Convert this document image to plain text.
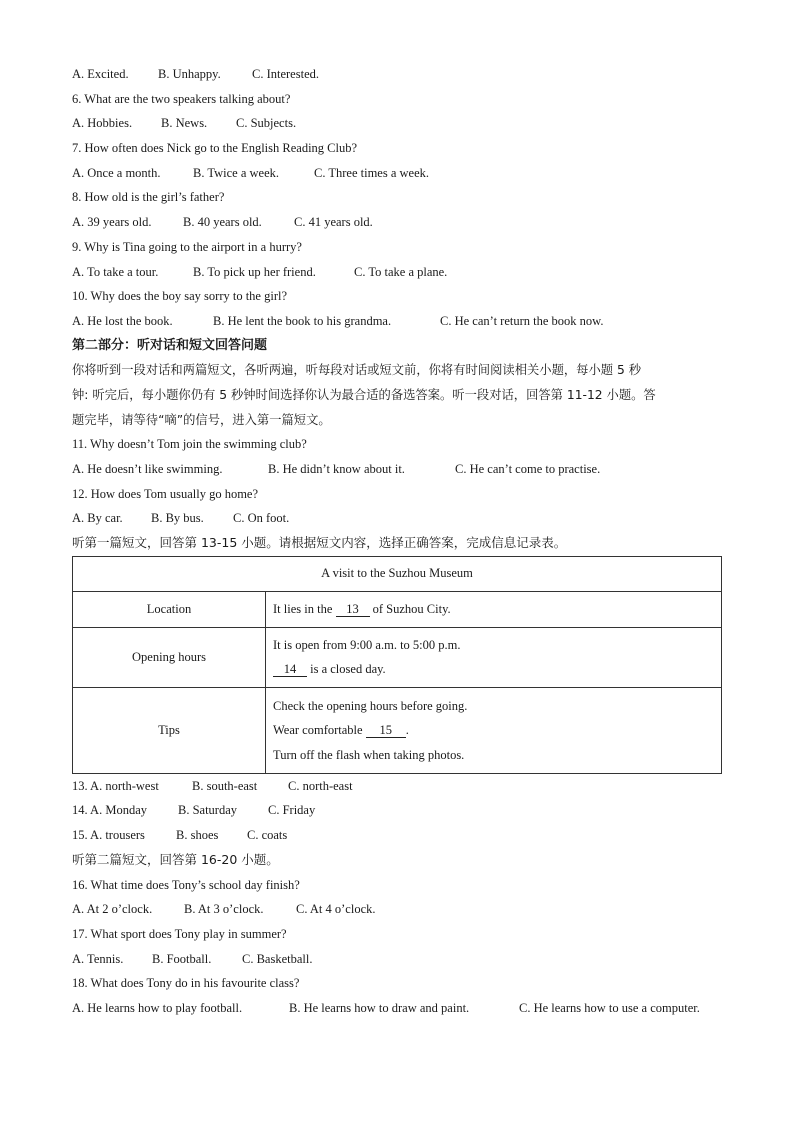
A. Excited. B. Unhappy.	C. Interested.
6. What are the two speakers talking about?
A. Hobbies. B. News. C. Subjects.
7. How often does Nick go to the English Reading Club?
A. Once a month.	B. Twice a week.	C. Three times a week.
8. How old is the girl’s father?
A. 39 years old.	B. 40 years old.	C. 41 years old.
9. Why is Tina going to the airport in a hurry?
A. To take a tour.	B. To pick up her friend.	C. To take a plane.
10. Why does the boy say sorry to the girl?
A. He lost the book.	B. He lent the book to his grandma.	C. He can’t return the book now.
第二部分：听对话和短文回答问题
你将听到一段对话和两篇短文，各听两遍，听每段对话或短文前，你将有时间阅读相关小题，每小题 5 秒
钟: 听完后，每小题你仍有 5 秒钟时间选择你认为最合适的备选答案。听一段对话，回答第 11-12 小题。答
题完毕，请等待“嘀”的信号，进入第一篇短文。
11. Why doesn’t Tom join the swimming club?
A. He doesn’t like swimming.	B. He didn’t know about it.	C. He can’t come to practise.
12. How does Tom usually go home?
A. By car. B. By bus. C. On foot.
听第一篇短文，回答第 13-15 小题。请根据短文内容，选择正确答案，完成信息记录表。
A visit to the Suzhou Museum	
Location	It lies in the 13 of Suzhou City.
Opening hours	It is open from 9:00 a.m. to 5:00 p.m.
14 is a closed day.

Tips	Check the opening hours before going.
Wear comfortable 15 .
Turn off the flash when taking photos.
13. A. north-west	B. south-east C. north-east
14. A. Monday B. Saturday C. Friday
15. A. trousers B. shoes C. coats
听第二篇短文，回答第 16-20 小题。
16. What time does Tony’s school day finish?
A. At 2 o’clock.	B. At 3 o’clock.	C. At 4 o’clock.
17. What sport does Tony play in summer?
A. Tennis. B. Football. C. Basketball.
18. What does Tony do in his favourite class?
A. He learns how to play football.	B. He learns how to draw and paint.	C. He learns how to use a computer.
